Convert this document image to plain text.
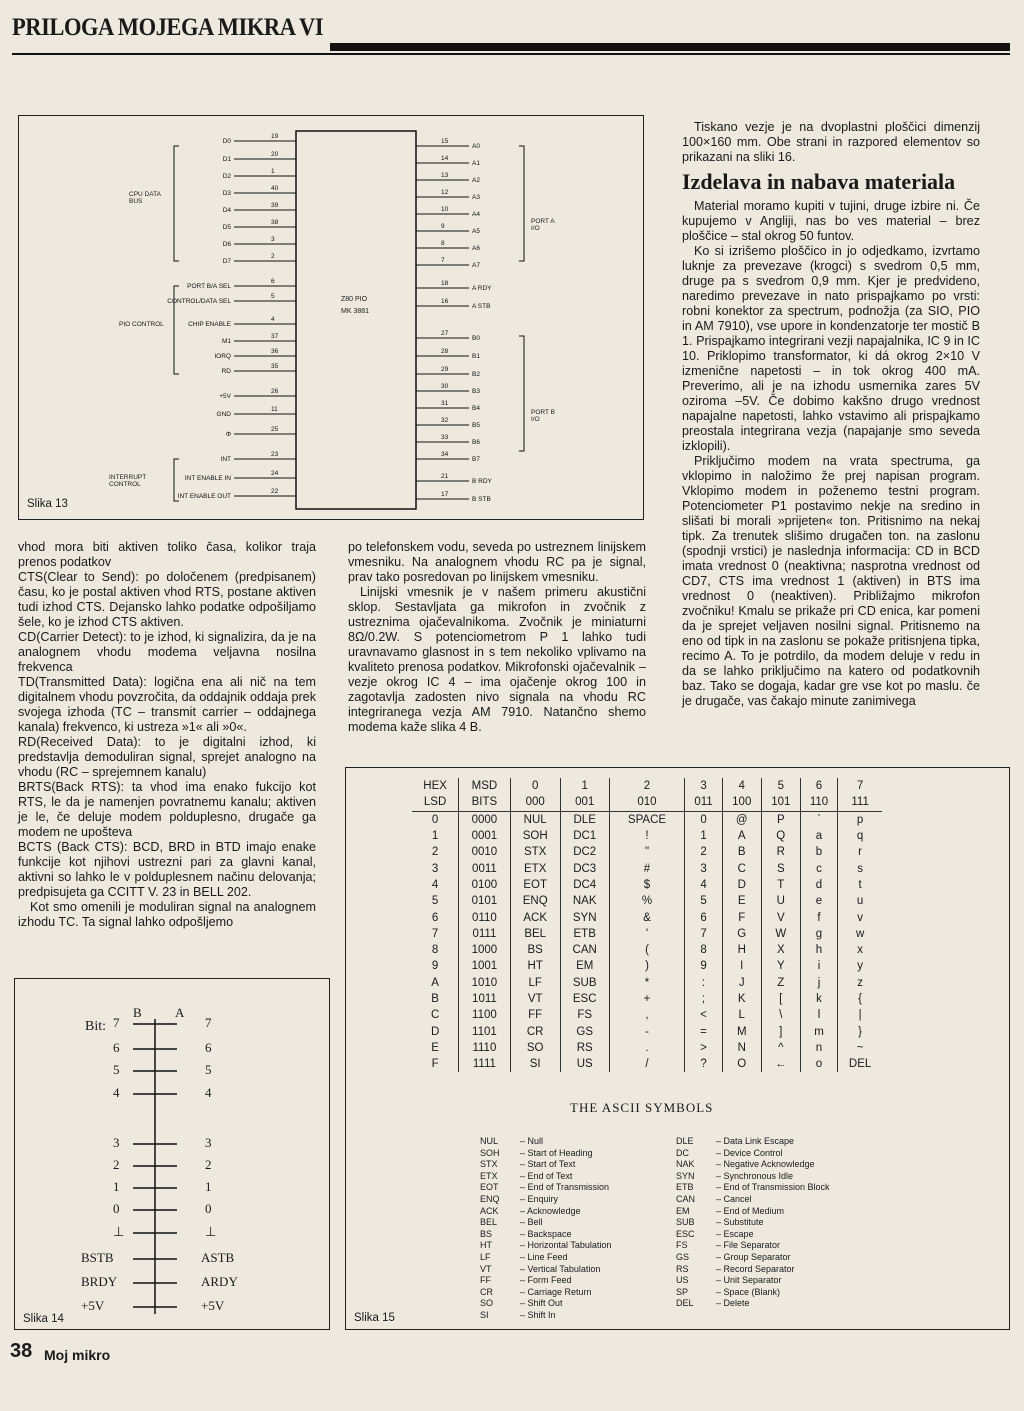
PRILOGA MOJEGA MIKRA VI
D0
19
D1
20
D2
1
D3
40
D4
39
D5
38
D6
3
D7
2
PORT B/A SEL
6
CONTROL/DATA SEL
5
CHIP ENABLE
4
M1
37
IORQ
36
RD
35
+5V
26
GND
11
Φ
25
INT
23
INT ENABLE IN
24
INT ENABLE OUT
22
A0
15
A1
14
A2
13
A3
12
A4
10
A5
9
A6
8
A7
7
A RDY
18
A STB
16
B0
27
B1
28
B2
29
B3
30
B4
31
B5
32
B6
33
B7
34
B RDY
21
B STB
17
CPU DATA BUS
PIO CONTROL
INTERRUPT CONTROL
PORT A I/O
PORT B I/O
Z80 PIO
MK 3881
Slika 13

Tiskano vezje je na dvoplastni ploščici dimenzij 100×160 mm. Obe strani in razpored elementov so prikazani na sliki 16.

Izdelava in nabava materiala

Material moramo kupiti v tujini, druge izbire ni. Če kupujemo v Angliji, nas bo ves material – brez ploščice – stal okrog 50 funtov.

Ko si izrišemo ploščico in jo odjedkamo, izvrtamo luknje za prevezave (krogci) s svedrom 0,5 mm, druge pa s svedrom 0,9 mm. Kjer je predvideno, naredimo prevezave in nato prispajkamo po vrsti: robni konektor za spectrum, podnožja (za SIO, PIO in AM 7910), vse upore in kondenzatorje ter mostič B 1. Prispajkamo integrirani vezji napajalnika, IC 9 in IC 10. Priklopimo transformator, ki dá okrog 2×10 V izmenične napetosti – in tok okrog 400 mA. Preverimo, ali je na izhodu usmernika zares 5V oziroma –5V. Če dobimo kakšno drugo vrednost napajalne napetosti, lahko vstavimo ali prispajkamo preostala integrirana vezja (napajanje smo seveda izklopili).

Priključimo modem na vrata spectruma, ga vklopimo in naložimo že prej napisan program. Vklopimo modem in poženemo testni program. Potenciometer P1 postavimo nekje na sredino in slišati bi morali »prijeten« ton. Pritisnimo na nekaj tipk. Za trenutek slišimo drugačen ton. na zaslonu (spodnji vrstici) je naslednja informacija: CD in BCD imata vrednost 0 (neaktivna; nasprotna vrednost od CD7, CTS ima vrednost 1 (aktiven) in BTS ima vrednost 0 (neaktiven). Približajmo mikrofon zvočniku! Kmalu se prikaže pri CD enica, kar pomeni da je sprejet veljaven nosilni signal. Pritisnemo na eno od tipk in na zaslonu se pokaže pritisnjena tipka, recimo A. To je potrdilo, da modem deluje v redu in da se lahko priključimo na katero od podatkovnih baz. Tako se dogaja, kadar gre vse kot po maslu. če je drugače, vas čakajo minute zanimivega

vhod mora biti aktiven toliko časa, kolikor traja prenos podatkov

CTS(Clear to Send): po določenem (predpisanem) času, ko je postal aktiven vhod RTS, postane aktiven tudi izhod CTS. Dejansko lahko podatke odpošiljamo šele, ko je izhod CTS aktiven.

CD(Carrier Detect): to je izhod, ki signalizira, da je na analognem vhodu modema veljavna nosilna frekvenca

TD(Transmitted Data): logična ena ali nič na tem digitalnem vhodu povzročita, da oddajnik oddaja prek svojega izhoda (TC – transmit carrier – oddajnega kanala) frekvenco, ki ustreza »1« ali »0«.

RD(Received Data): to je digitalni izhod, ki predstavlja demoduliran signal, sprejet analogno na vhodu (RC – sprejemnem kanalu)

BRTS(Back RTS): ta vhod ima enako fukcijo kot RTS, le da je namenjen povratnemu kanalu; aktiven je le, če deluje modem polduplesno, drugače ga modem ne upošteva

BCTS (Back CTS): BCD, BRD in BTD imajo enake funkcije kot njihovi ustrezni pari za glavni kanal, aktivni so lahko le v polduplesnem načinu delovanja; predpisujeta ga CCITT V. 23 in BELL 202.

Kot smo omenili je moduliran signal na analognem izhodu TC. Ta signal lahko odpošljemo

po telefonskem vodu, seveda po ustreznem linijskem vmesniku. Na analognem vhodu RC pa je signal, prav tako posredovan po linijskem vmesniku.

Linijski vmesnik je v našem primeru akustični sklop. Sestavljata ga mikrofon in zvočnik z ustreznima ojačevalnikoma. Zvočnik je miniaturni 8Ω/0.2W. S potenciometrom P 1 lahko tudi uravnavamo glasnost in s tem nekoliko vplivamo na kvaliteto prenosa podatkov. Mikrofonski ojačevalnik – vezje okrog IC 4 – ima ojačenje okrog 100 in zagotavlja zadosten nivo signala na vhodu RC integriranega vezja AM 7910. Natančno shemo modema kaže slika 4 B.

Bit:
B	A
7
6
5
4
3
2
1
0
⊥
BSTB
BRDY
+5V
7
6
5
4
3
2
1
0
⊥
ASTB
ARDY
+5V
Slika 14	Slika 15
HEX	MSD	0	1	2	3	4	5	6	7
LSD	BITS	000	001	010	011	100	101	110	111
0	0000	NUL	DLE	SPACE	0	@	P	`	p
1	0001	SOH	DC1	!	1	A	Q	a	q
2	0010	STX	DC2	"	2	B	R	b	r
3	0011	ETX	DC3	#	3	C	S	c	s
4	0100	EOT	DC4	$	4	D	T	d	t
5	0101	ENQ	NAK	%	5	E	U	e	u
6	0110	ACK	SYN	&	6	F	V	f	v
7	0111	BEL	ETB	'	7	G	W	g	w
8	1000	BS	CAN	(	8	H	X	h	x
9	1001	HT	EM	)	9	I	Y	i	y
A	1010	LF	SUB	*	:	J	Z	j	z
B	1011	VT	ESC	+	;	K	[	k	{
C	1100	FF	FS	,	<	L	\	l	|
D	1101	CR	GS	-	=	M	]	m	}
E	1110	SO	RS	.	>	N	^	n	~
F	1111	SI	US	/	?	O	←	o	DEL
THE ASCII SYMBOLS
NUL – Null
SOH – Start of Heading
STX – Start of Text
ETX – End of Text
EOT – End of Transmission
ENQ – Enquiry
ACK – Acknowledge
BEL	– Bell
BS	– Backspace
HT	– Horizontal Tabulation
LF	– Line Feed
VT	– Vertical Tabulation
FF	– Form Feed
CR	– Carriage Return
SO	– Shift Out
SI	– Shift In
DLE – Data Link Escape
DC	– Device Control
NAK – Negative Acknowledge
SYN – Synchronous Idle
ETB – End of Transmission Block
CAN – Cancel
EM	– End of Medium
SUB – Substitute
ESC – Escape
FS	– File Separator
GS	– Group Separator
RS	– Record Separator
US	– Unit Separator
SP	– Space (Blank)
DEL – Delete
38 Moj mikro
